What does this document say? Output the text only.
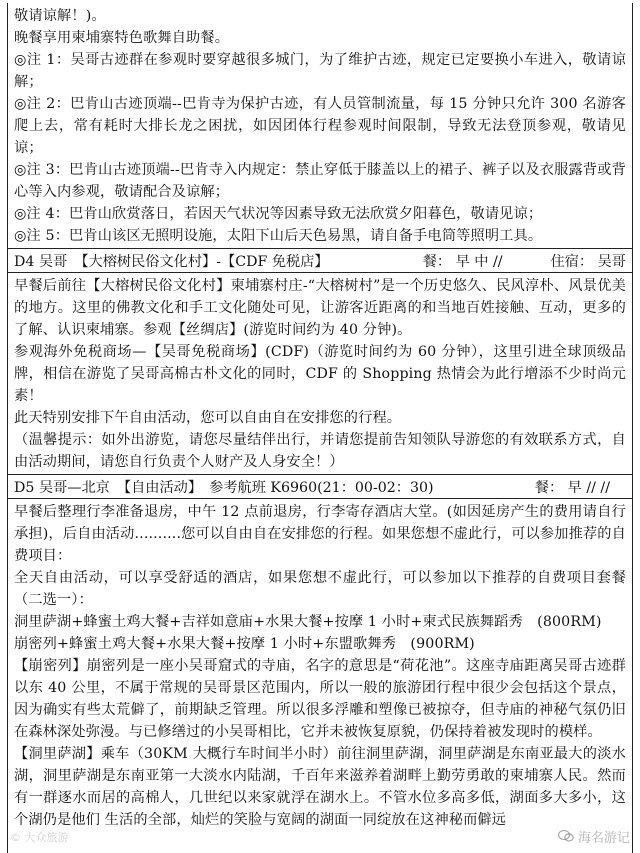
敬请谅解！)。

晚餐享用柬埔寨特色歌舞自助餐。

◎注 1：吴哥古迹群在参观时要穿越很多城门，为了维护古迹，规定已定要换小车进入，敬请谅解；

◎注 2：巴肯山古迹顶端--巴肯寺为保护古迹，有人员管制流量，每 15 分钟只允许 300 名游客爬上去，常有耗时大排长龙之困扰，如因团体行程参观时间限制，导致无法登顶参观，敬请见谅；

◎注 3：巴肯山古迹顶端--巴肯寺入内规定：禁止穿低于膝盖以上的裙子、裤子以及衣服露背或背心等入内参观，敬请配合及谅解；

◎注 4：巴肯山欣赏落日，若因天气状况等因素导致无法欣赏夕阳暮色，敬请见谅；

◎注 5：巴肯山该区无照明设施，太阳下山后天色易黑，请自备手电筒等照明工具。

D4 吴哥　【大榕树民俗文化村】-【CDF 免税店】	餐： 早 中 //	住宿： 吴哥

早餐后前往【大榕树民俗文化村】柬埔寨村庄-“大榕树村”是一个历史悠久、民风淳朴、风景优美的地方。这里的佛教文化和手工文化随处可见，让游客近距离的和当地百姓接触、互动，更多的了解、认识柬埔寨。参观【丝绸店】(游览时间约为 40 分钟)。

参观海外免税商场—【吴哥免税商场】(CDF)（游览时间约为 60 分钟），这里引进全球顶级品牌，相信在游览了吴哥高棉古朴文化的同时，CDF 的 Shopping 热情会为此行增添不少时尚元素！

此天特别安排下午自由活动，您可以自由自在安排您的行程。

（温馨提示：如外出游览，请您尽量结伴出行，并请您提前告知领队导游您的有效联系方式，自由活动期间，请您自行负责个人财产及人身安全！）

D5 吴哥—北京　【自由活动】　参考航班 K6960(21：00-02：30)	餐： 早 // //

早餐后整理行李准备退房，中午 12 点前退房，行李寄存酒店大堂。(如因延房产生的费用请自行承担)，后自由活动..........您可以自由自在安排您的行程。如果您想不虚此行，可以参加推荐的自费项目：

全天自由活动，可以享受舒适的酒店，如果您想不虚此行，可以参加以下推荐的自费项目套餐（二选一）：

洞里萨湖+蜂蜜土鸡大餐+吉祥如意庙+水果大餐+按摩 1 小时+柬式民族舞蹈秀　(800RM)

崩密列+蜂蜜土鸡大餐+水果大餐+按摩 1 小时+东盟歌舞秀　(900RM)

【崩密列】崩密列是一座小吴哥窟式的寺庙，名字的意思是“荷花池”。这座寺庙距离吴哥古迹群以东 40 公里，不属于常规的吴哥景区范围内，所以一般的旅游团行程中很少会包括这个景点，因为确实有些太荒僻了，前期缺乏管理。所以很多浮雕和塑像已被掠夺，但寺庙的神秘气氛仍旧在森林深处弥漫。与已修缮过的小吴哥相比，它并未被恢复原貌，仍保持着被发现时的模样。

【洞里萨湖】乘车（30KM 大概行车时间半小时）前往洞里萨湖，洞里萨湖是东南亚最大的淡水湖，洞里萨湖是东南亚第一大淡水内陆湖，千百年来滋养着湖畔上勤劳勇敢的柬埔寨人民。然而有一群逐水而居的高棉人，几世纪以来家就浮在湖水上。不管水位多高多低，湖面多大多小，这个湖仍是他们 生活的全部，灿烂的笑脸与宽阔的湖面一同绽放在这神秘而僻远

© 大众旅游	海名游记
